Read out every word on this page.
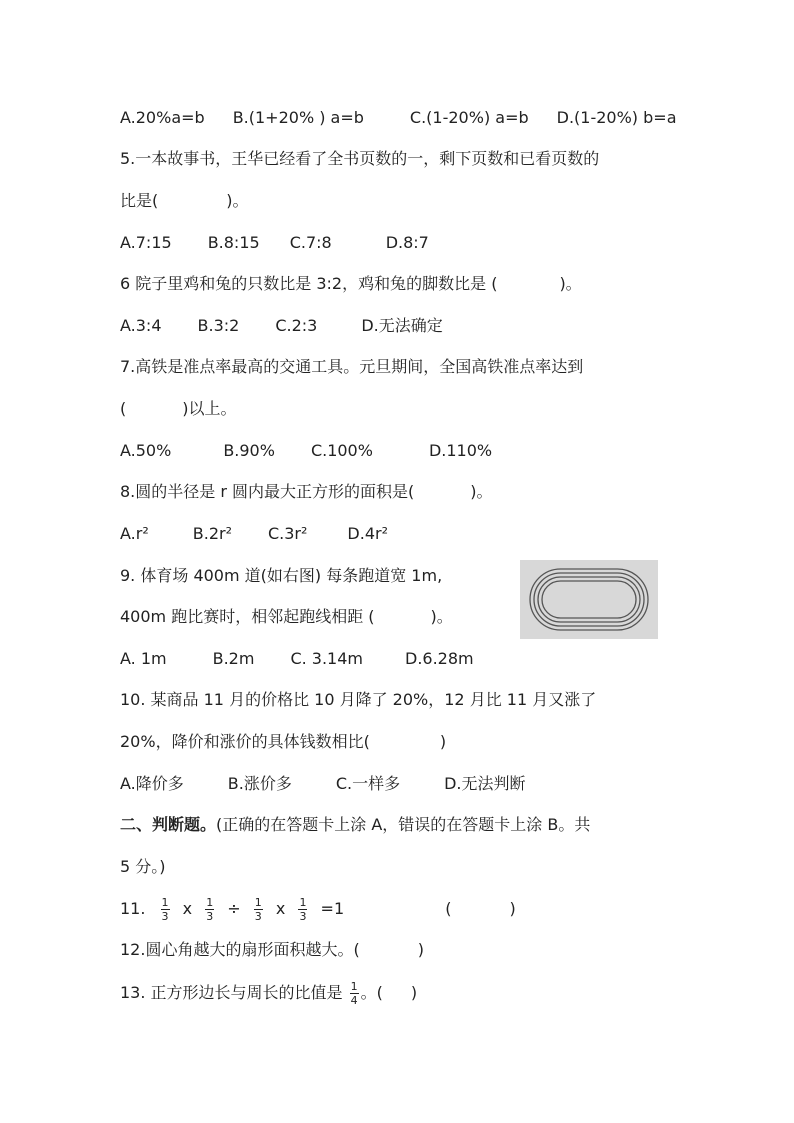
A.20%a=b B.(1+20% ) a=b	C.(1-20%) a=b D.(1-20%) b=a
5.一本故事书，王华已经看了全书页数的一，剩下页数和已看页数的
比是(	)。
A.7:15 B.8:15 C.7:8	D.8:7
6 院子里鸡和兔的只数比是 3:2，鸡和兔的脚数比是 (	)。
A.3:4 B.3:2 C.2:3	D.无法确定
7.高铁是准点率最高的交通工具。元旦期间，全国高铁准点率达到
(	)以上。
A.50%	B.90% C.100%	D.110%
8.圆的半径是 r 圆内最大正方形的面积是(	)。
A.r²	B.2r² C.3r²	D.4r²
9. 体育场 400m 道(如右图) 每条跑道宽 1m,
400m 跑比赛时，相邻起跑线相距 (	)。
A. 1m	B.2m C. 3.14m	D.6.28m
10. 某商品 11 月的价格比 10 月降了 20%，12 月比 11 月又涨了
20%，降价和涨价的具体钱数相比(	)
A.降价多	B.涨价多	C.一样多	D.无法判断
二、判断题。(正确的在答题卡上涂 A，错误的在答题卡上涂 B。共
5 分。)
11. $\frac{1}{3}$ x $\frac{1}{3} \div \frac{1}{3}$ x $\frac{1}{3} =1$	(	)
12.圆心角越大的扇形面积越大。(	)
13. 正方形边长与周长的比值是 $\frac{1}{4}$ 。( )
